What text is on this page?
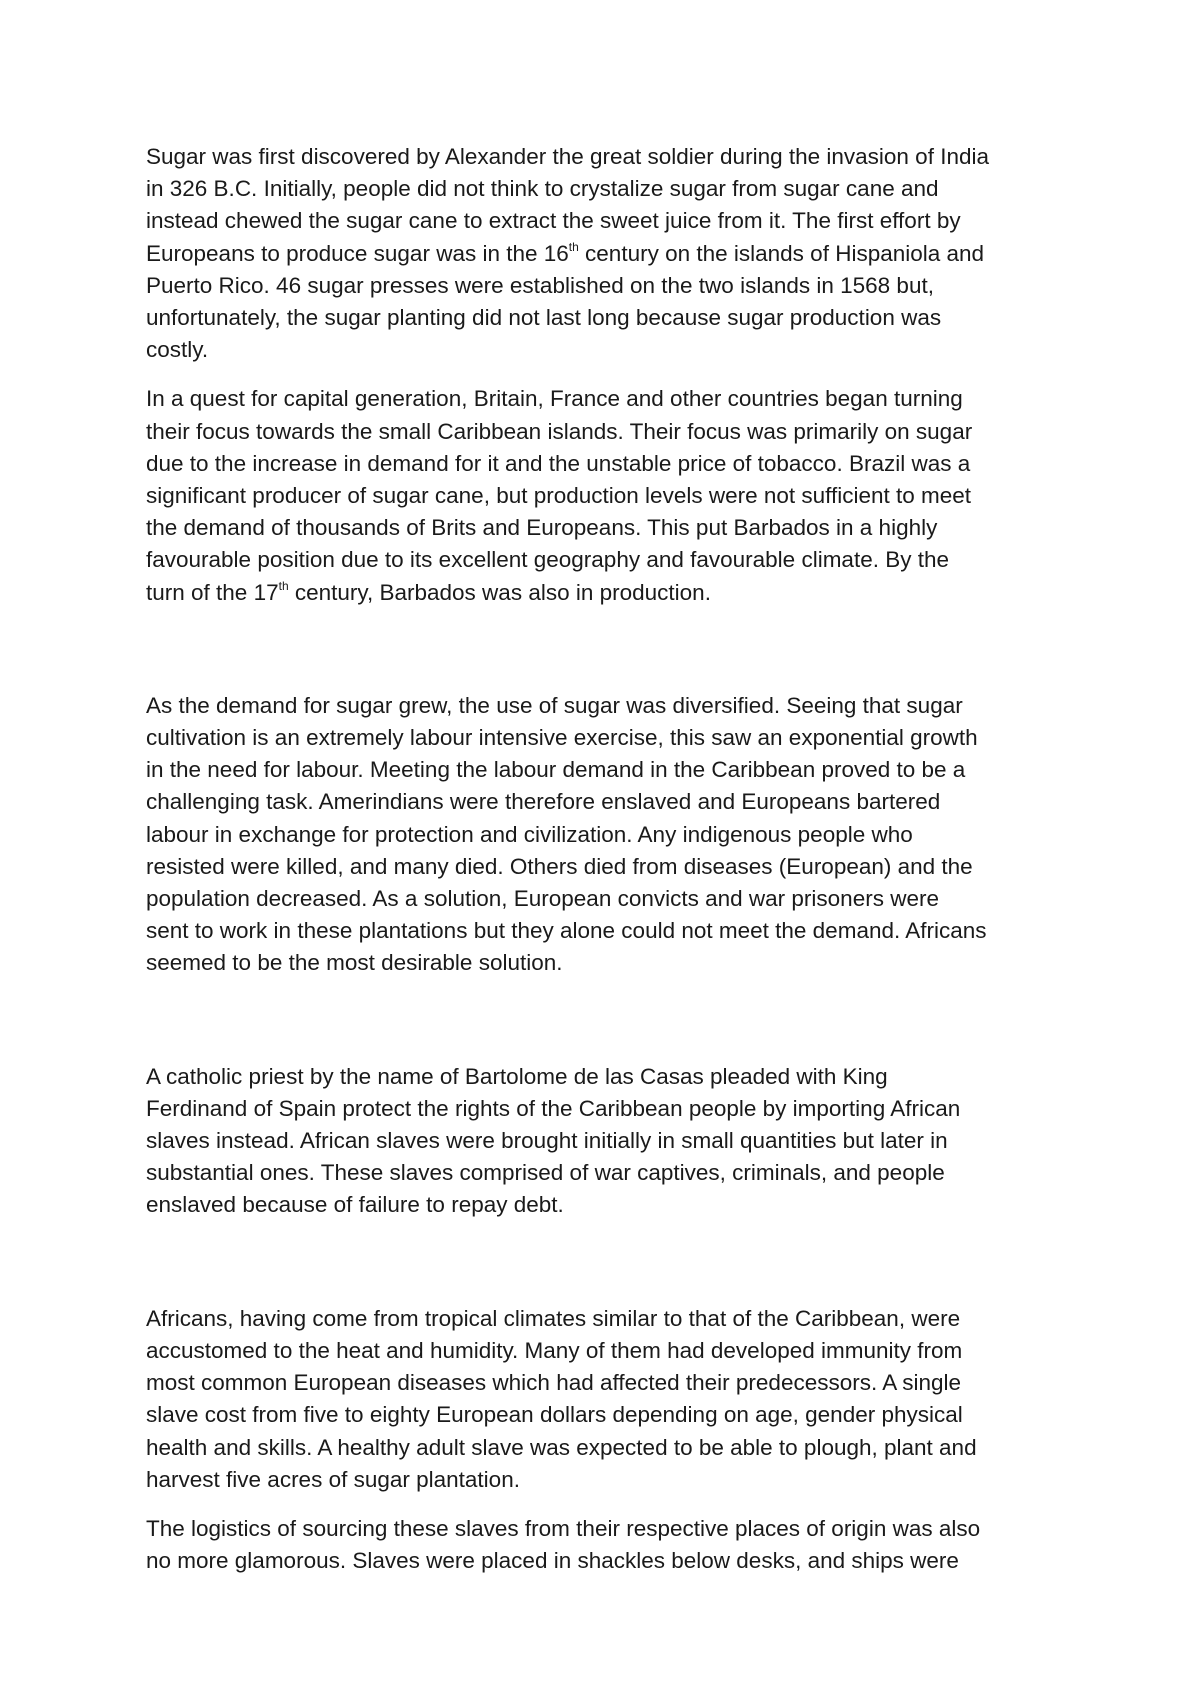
Sugar was first discovered by Alexander the great soldier during the invasion of India
in 326 B.C. Initially, people did not think to crystalize sugar from sugar cane and
instead chewed the sugar cane to extract the sweet juice from it. The first effort by
Europeans to produce sugar was in the 16th century on the islands of Hispaniola and
Puerto Rico. 46 sugar presses were established on the two islands in 1568 but,
unfortunately, the sugar planting did not last long because sugar production was
costly.

In a quest for capital generation, Britain, France and other countries began turning
their focus towards the small Caribbean islands. Their focus was primarily on sugar
due to the increase in demand for it and the unstable price of tobacco. Brazil was a
significant producer of sugar cane, but production levels were not sufficient to meet
the demand of thousands of Brits and Europeans. This put Barbados in a highly
favourable position due to its excellent geography and favourable climate. By the
turn of the 17th century, Barbados was also in production.

As the demand for sugar grew, the use of sugar was diversified. Seeing that sugar
cultivation is an extremely labour intensive exercise, this saw an exponential growth
in the need for labour. Meeting the labour demand in the Caribbean proved to be a
challenging task. Amerindians were therefore enslaved and Europeans bartered
labour in exchange for protection and civilization. Any indigenous people who
resisted were killed, and many died. Others died from diseases (European) and the
population decreased. As a solution, European convicts and war prisoners were
sent to work in these plantations but they alone could not meet the demand. Africans
seemed to be the most desirable solution.

A catholic priest by the name of Bartolome de las Casas pleaded with King
Ferdinand of Spain protect the rights of the Caribbean people by importing African
slaves instead. African slaves were brought initially in small quantities but later in
substantial ones. These slaves comprised of war captives, criminals, and people
enslaved because of failure to repay debt.

Africans, having come from tropical climates similar to that of the Caribbean, were
accustomed to the heat and humidity. Many of them had developed immunity from
most common European diseases which had affected their predecessors. A single
slave cost from five to eighty European dollars depending on age, gender physical
health and skills. A healthy adult slave was expected to be able to plough, plant and
harvest five acres of sugar plantation.

The logistics of sourcing these slaves from their respective places of origin was also
no more glamorous. Slaves were placed in shackles below desks, and ships were
